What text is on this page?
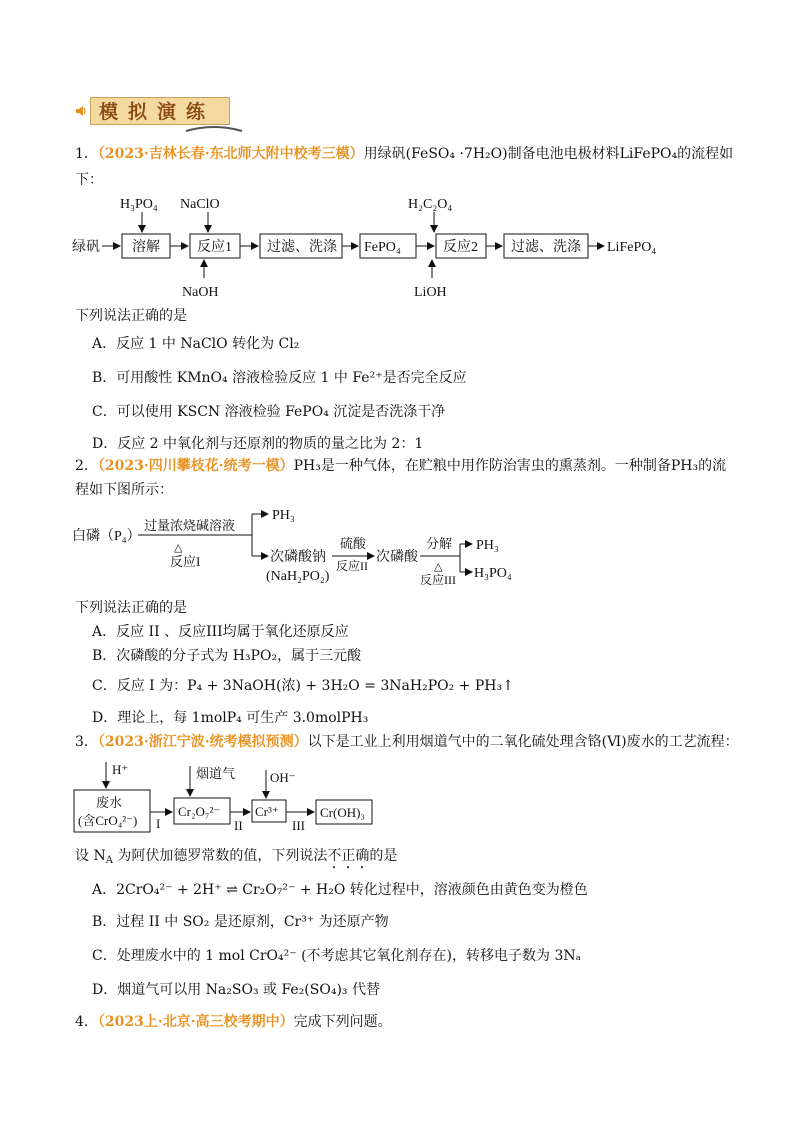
模拟演练
1．（2023·吉林长春·东北师大附中校考三模）用绿矾(FeSO₄ ·7H₂O)制备电池电极材料LiFePO₄的流程如
下：
绿矾 溶解	反应1	过滤、洗涤 FePO₄	反应2 过滤、洗涤 LiFePO₄
H₃PO₄ NaClO
NaOH
H₂C₂O₄
LiOH
下列说法正确的是
A．反应 1 中 NaClO 转化为 Cl₂
B．可用酸性 KMnO₄ 溶液检验反应 1 中 Fe²⁺是否完全反应
C．可以使用 KSCN 溶液检验 FePO₄ 沉淀是否洗涤干净
D．反应 2 中氧化剂与还原剂的物质的量之比为 2：1
2．（2023·四川攀枝花·统考一模）PH₃是一种气体，在贮粮中用作防治害虫的熏蒸剂。一种制备PH₃的流
程如下图所示：
白磷（P₄）
过量浓烧碱溶液
△
反应I
PH₃
次磷酸钠
(NaH₂PO₂)
硫酸
反应II
次磷酸
分解
△
反应III
PH₃
H₃PO₄
下列说法正确的是
A．反应 II 、反应III均属于氧化还原反应
B．次磷酸的分子式为 H₃PO₂，属于三元酸
C．反应 I 为：P₄ + 3NaOH(浓) + 3H₂O = 3NaH₂PO₂ + PH₃↑
D．理论上，每 1molP₄ 可生产 3.0molPH₃
3．（2023·浙江宁波·统考模拟预测）以下是工业上利用烟道气中的二氧化硫处理含铬(Ⅵ)废水的工艺流程：
H⁺
废水
(含CrO₄²⁻) I
烟道气
Cr₂O₇²⁻
II
OH⁻
Cr³⁺
III
Cr(OH)₃
设 $N_A$ 为阿伏加德罗常数的值，下列说法不正确的是
A．2CrO₄²⁻ + 2H⁺ ⇌ Cr₂O₇²⁻ + H₂O 转化过程中，溶液颜色由黄色变为橙色
B．过程 II 中 SO₂ 是还原剂，Cr³⁺ 为还原产物
C．处理废水中的 1 mol CrO₄²⁻ (不考虑其它氧化剂存在)，转移电子数为 3Nₐ
D．烟道气可以用 Na₂SO₃ 或 Fe₂(SO₄)₃ 代替
4．（2023上·北京·高三校考期中）完成下列问题。
